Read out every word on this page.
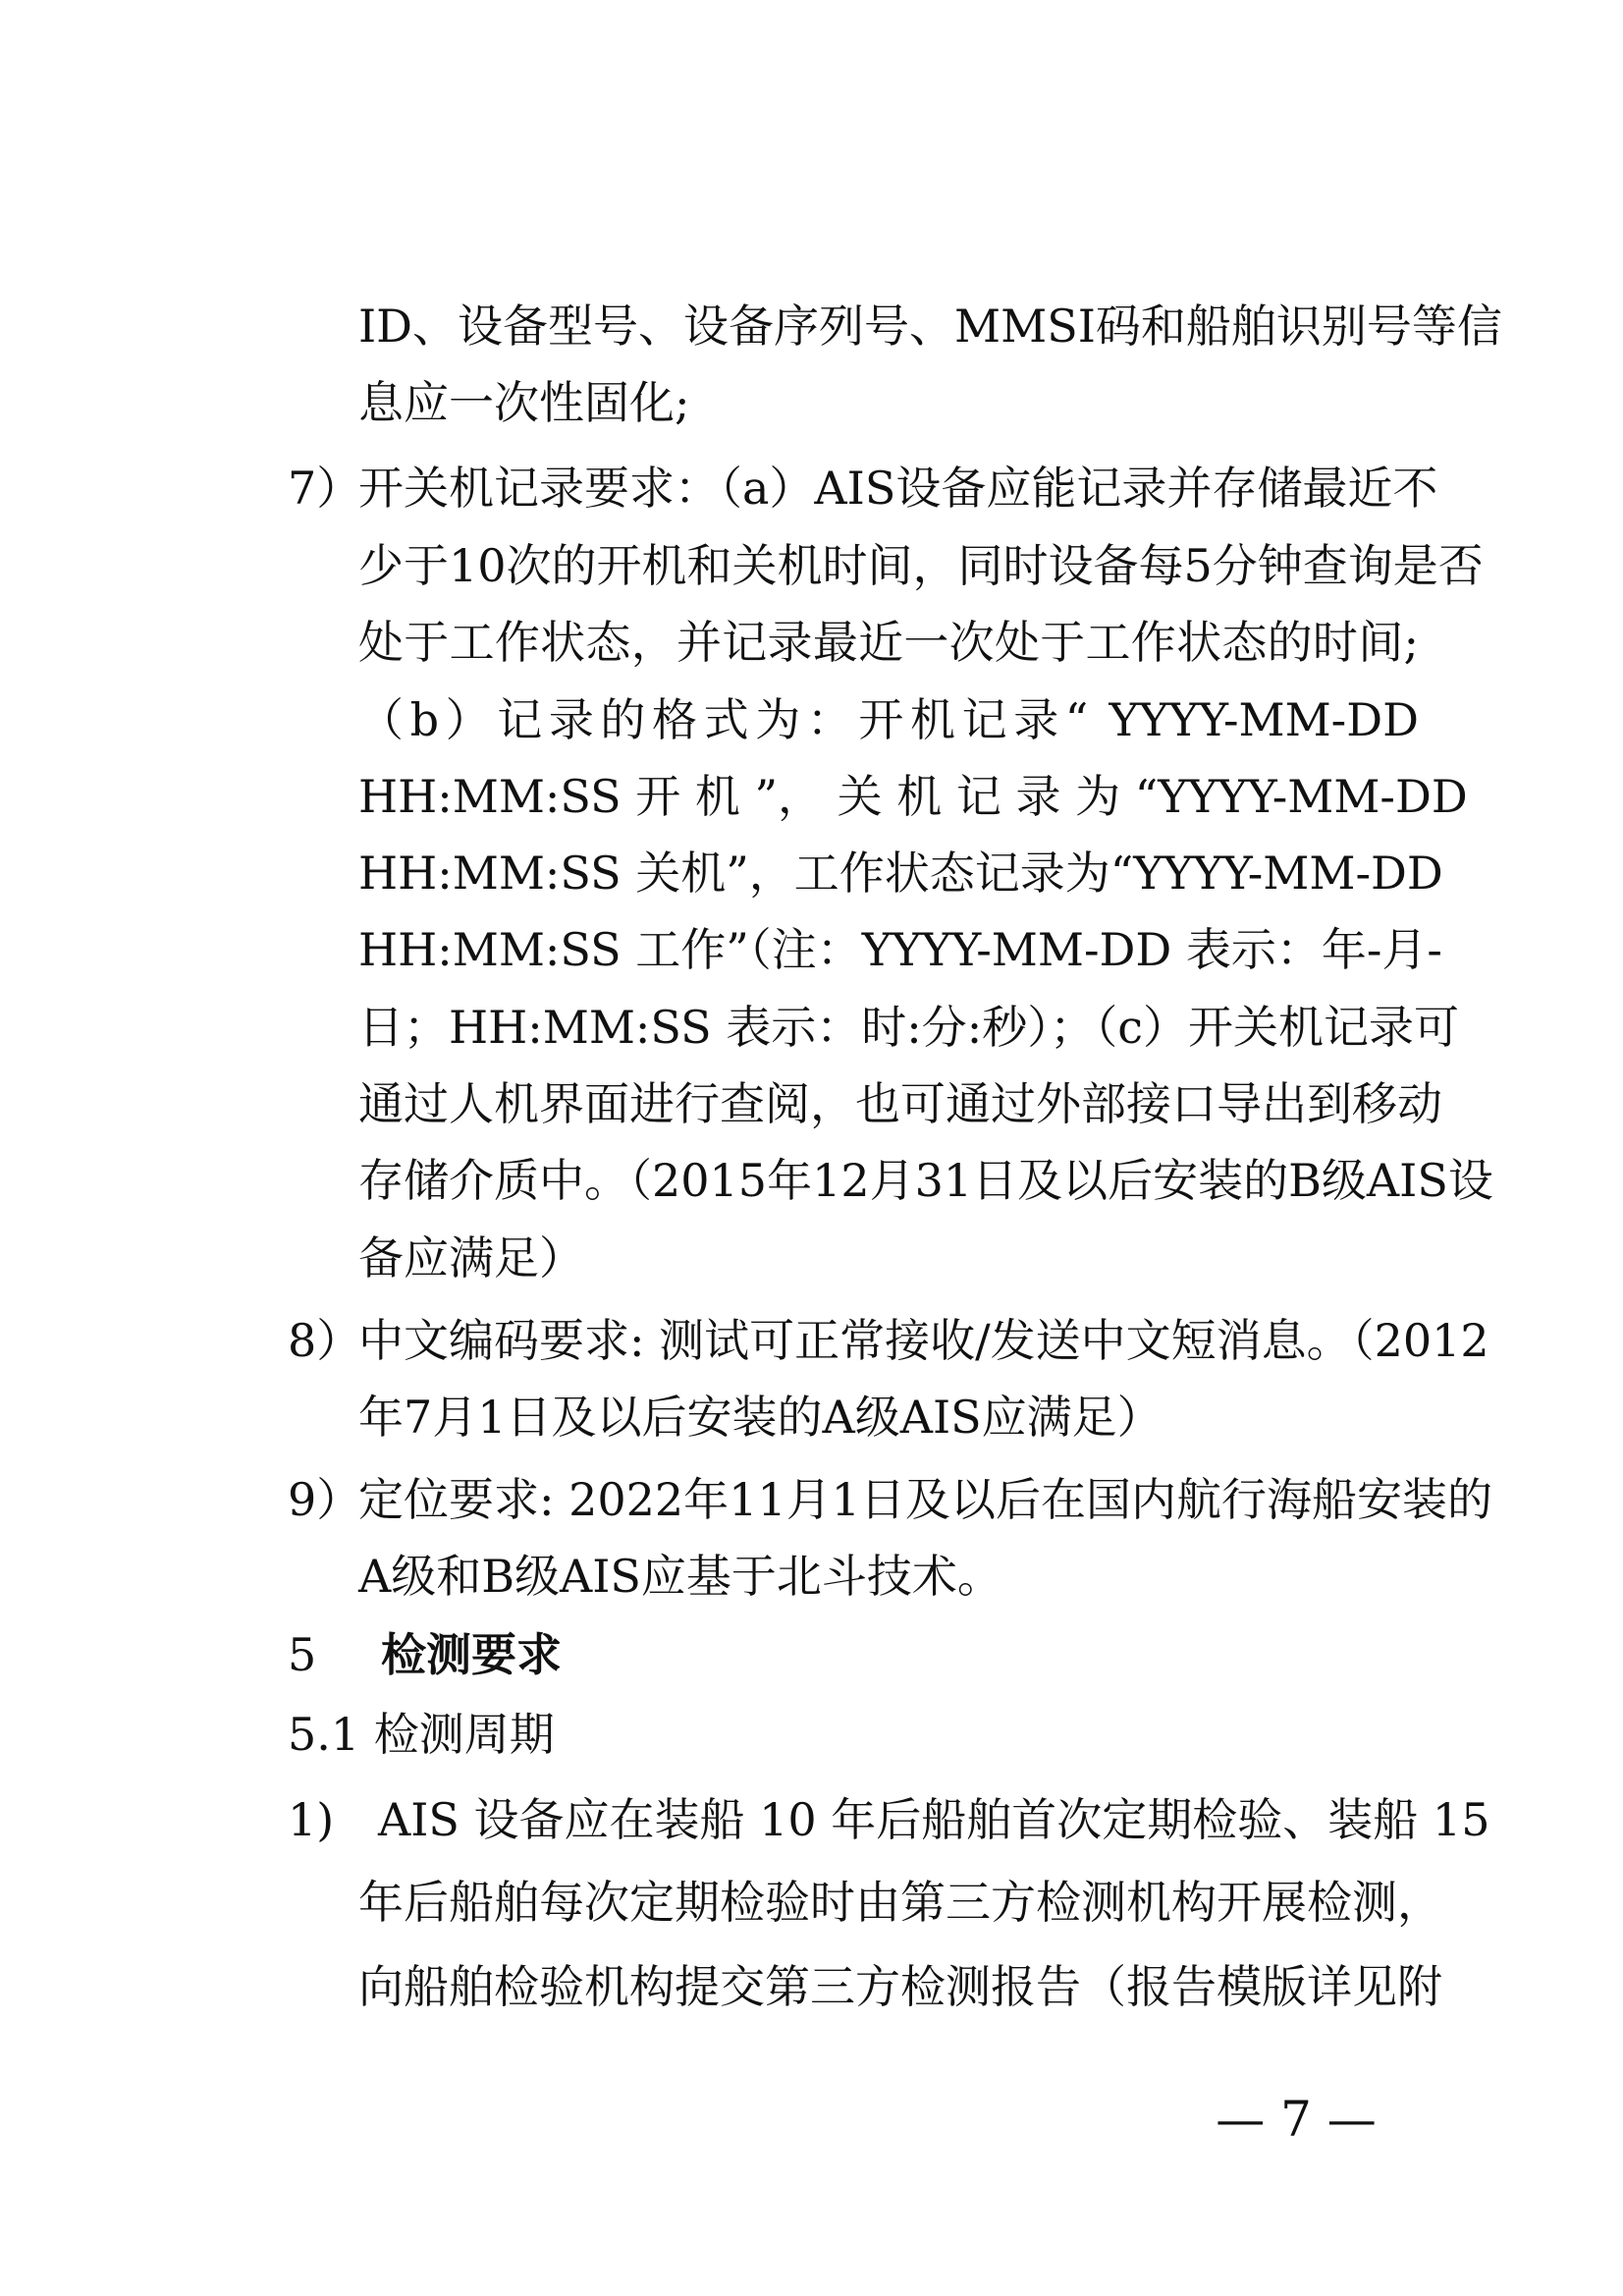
ID、设备型号、设备序列号、MMSI码和船舶识别号等信
息应一次性固化;
7）
开关机记录要求：（a）AIS设备应能记录并存储最近不
少于10次的开机和关机时间，同时设备每5分钟查询是否
处于工作状态，并记录最近一次处于工作状态的时间;
（b）记录的格式为：开机记录“ YYYY-MM-DD
HH:MM:SS 开 机 ”， 关 机 记 录 为 “YYYY-MM-DD
HH:MM:SS 关机”，工作状态记录为“YYYY-MM-DD
HH:MM:SS 工作”（注：YYYY-MM-DD 表示：年-月-
日；HH:MM:SS 表示：时:分:秒）；（c）开关机记录可
通过人机界面进行查阅，也可通过外部接口导出到移动
存储介质中。（2015年12月31日及以后安装的B级AIS设
备应满足）
8）
中文编码要求: 测试可正常接收/发送中文短消息。（2012
年7月1日及以后安装的A级AIS应满足）
9）
定位要求: 2022年11月1日及以后在国内航行海船安装的
A级和B级AIS应基于北斗技术。
5 检测要求
5.1 检测周期
1) AIS 设备应在装船 10 年后船舶首次定期检验、装船 15
年后船舶每次定期检验时由第三方检测机构开展检测，
向船舶检验机构提交第三方检测报告（报告模版详见附
— 7 —
